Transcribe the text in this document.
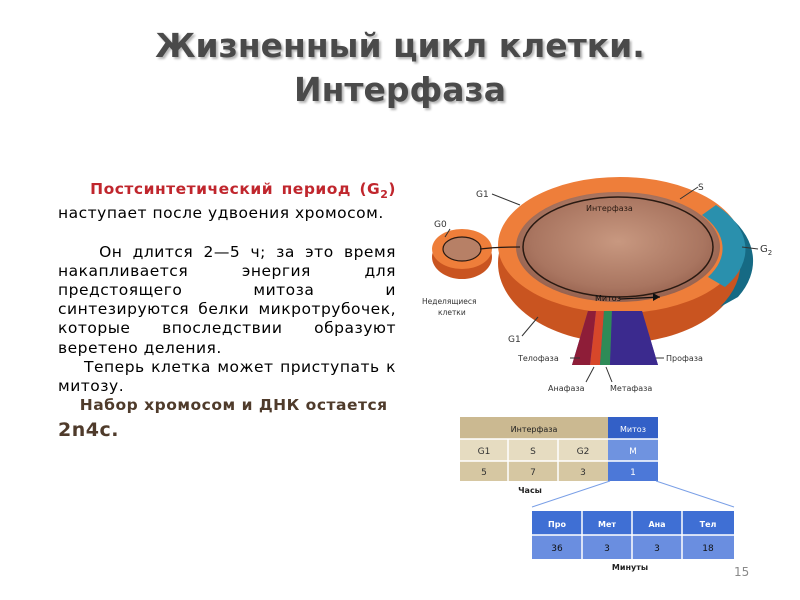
Жизненный цикл клетки.
Интерфаза

Постсинтетический период $(G_2)$ наступает после удвоения хромосом.

Он длится 2—5 ч; за это время накапливается энергия для предстоящего митоза и синтезируются белки микротрубочек, которые впоследствии образуют веретено деления.

Теперь клетка может приступать к митозу.

Набор хромосом и ДНК остается

2n4c.

G1
S
Интерфаза
G0
$G_2$
Неделящиеся
клетки
Митоз
G1
Телофаза	Профаза
Анафаза	Метафаза
Интерфаза	Митоз
G1	S	G2	M
5	7	3	1
Часы
Про	Мет	Ана	Тел
36	3	3	18
Минуты	15
